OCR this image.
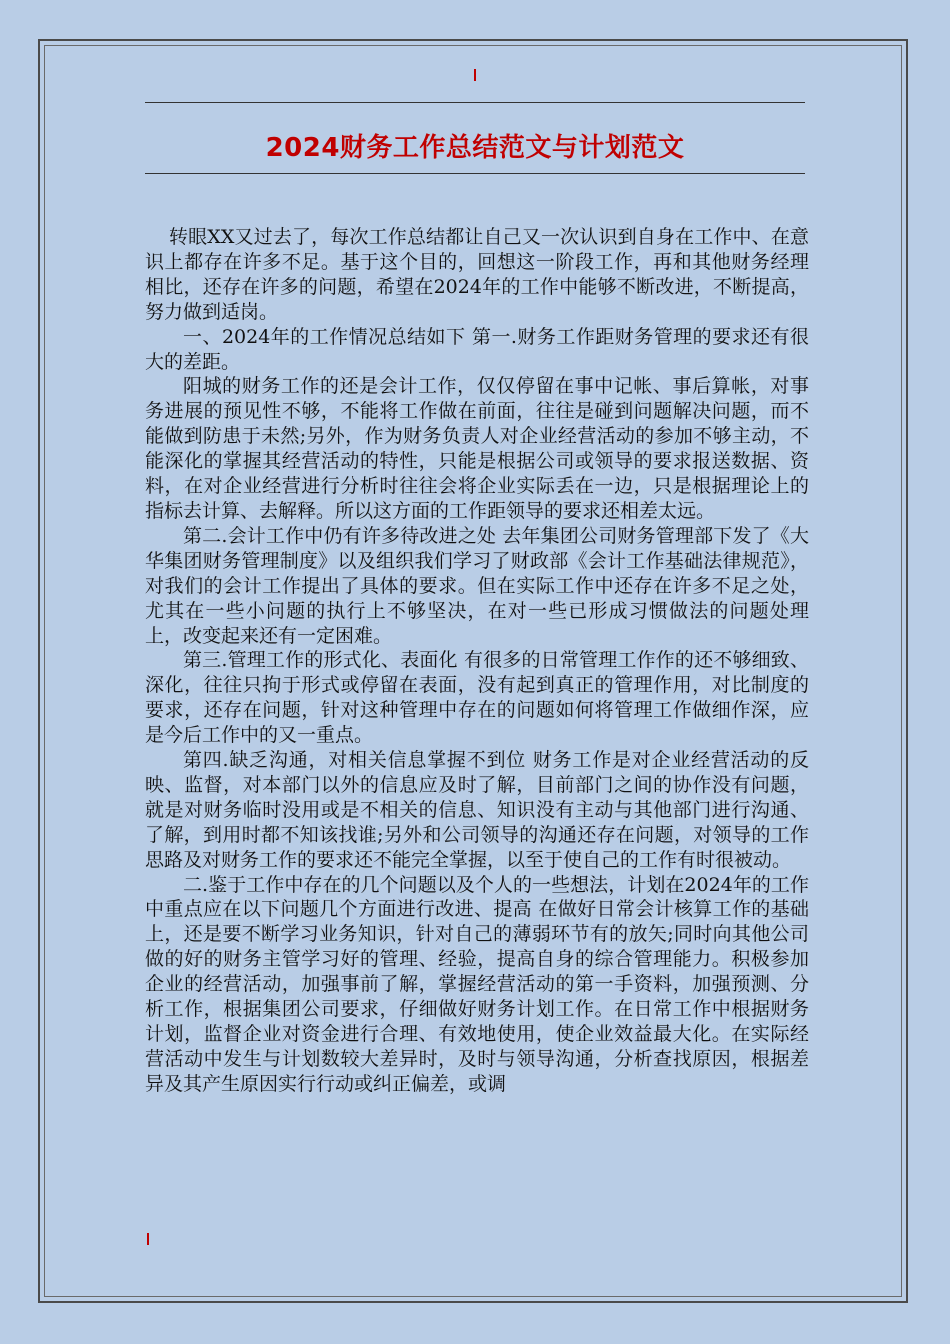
2024财务工作总结范文与计划范文

转眼XX又过去了，每次工作总结都让自己又一次认识到自身在工作中、在意识上都存在许多不足。基于这个目的，回想这一阶段工作，再和其他财务经理相比，还存在许多的问题，希望在2024年的工作中能够不断改进，不断提高，努力做到适岗。

一、2024年的工作情况总结如下 第一.财务工作距财务管理的要求还有很大的差距。

阳城的财务工作的还是会计工作，仅仅停留在事中记帐、事后算帐，对事务进展的预见性不够，不能将工作做在前面，往往是碰到问题解决问题，而不能做到防患于未然;另外，作为财务负责人对企业经营活动的参加不够主动，不能深化的掌握其经营活动的特性，只能是根据公司或领导的要求报送数据、资料，在对企业经营进行分析时往往会将企业实际丢在一边，只是根据理论上的指标去计算、去解释。所以这方面的工作距领导的要求还相差太远。

第二.会计工作中仍有许多待改进之处 去年集团公司财务管理部下发了《大华集团财务管理制度》以及组织我们学习了财政部《会计工作基础法律规范》，对我们的会计工作提出了具体的要求。但在实际工作中还存在许多不足之处，尤其在一些小问题的执行上不够坚决，在对一些已形成习惯做法的问题处理上，改变起来还有一定困难。

第三.管理工作的形式化、表面化 有很多的日常管理工作作的还不够细致、深化，往往只拘于形式或停留在表面，没有起到真正的管理作用，对比制度的要求，还存在问题，针对这种管理中存在的问题如何将管理工作做细作深，应是今后工作中的又一重点。

第四.缺乏沟通，对相关信息掌握不到位 财务工作是对企业经营活动的反映、监督，对本部门以外的信息应及时了解，目前部门之间的协作没有问题，就是对财务临时没用或是不相关的信息、知识没有主动与其他部门进行沟通、了解，到用时都不知该找谁;另外和公司领导的沟通还存在问题，对领导的工作思路及对财务工作的要求还不能完全掌握，以至于使自己的工作有时很被动。

二.鉴于工作中存在的几个问题以及个人的一些想法，计划在2024年的工作中重点应在以下问题几个方面进行改进、提高 在做好日常会计核算工作的基础上，还是要不断学习业务知识，针对自己的薄弱环节有的放矢;同时向其他公司做的好的财务主管学习好的管理、经验，提高自身的综合管理能力。积极参加企业的经营活动，加强事前了解，掌握经营活动的第一手资料，加强预测、分析工作，根据集团公司要求，仔细做好财务计划工作。在日常工作中根据财务计划，监督企业对资金进行合理、有效地使用，使企业效益最大化。在实际经营活动中发生与计划数较大差异时，及时与领导沟通，分析查找原因，根据差异及其产生原因实行行动或纠正偏差，或调
